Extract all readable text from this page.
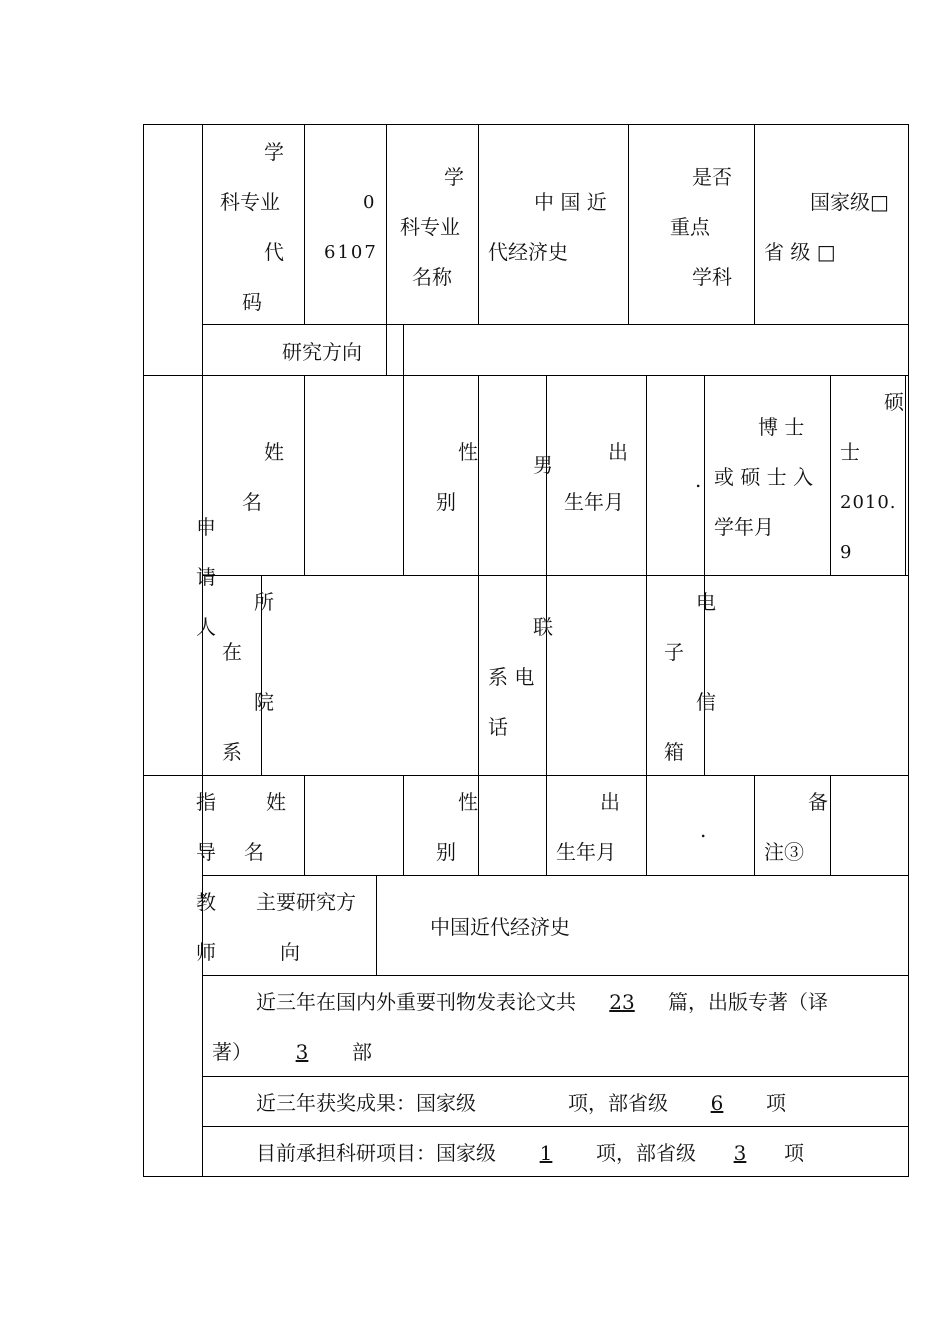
学
科专业
代
码
0
6107
学
科专业
名称
中 国 近
代经济史
是否
重点
学科
国家级□
省 级 □
研究方向
申
请
人
姓
名
性
别
男
出
生年月
.
博 士
或 硕 士 入
学年月
硕
士
2010.
9
所
在
院
系
联
系 电
话
电
子
信
箱
指
导
教
师
姓
名
性
别
出
生年月
.
备
注③
主要研究方
向
中国近代经济史
近三年在国内外重要刊物发表论文共 23 篇，出版专著（译
著） 3 部
近三年获奖成果：国家级	项，部省级 6 项
目前承担科研项目：国家级 1 项，部省级 3 项
